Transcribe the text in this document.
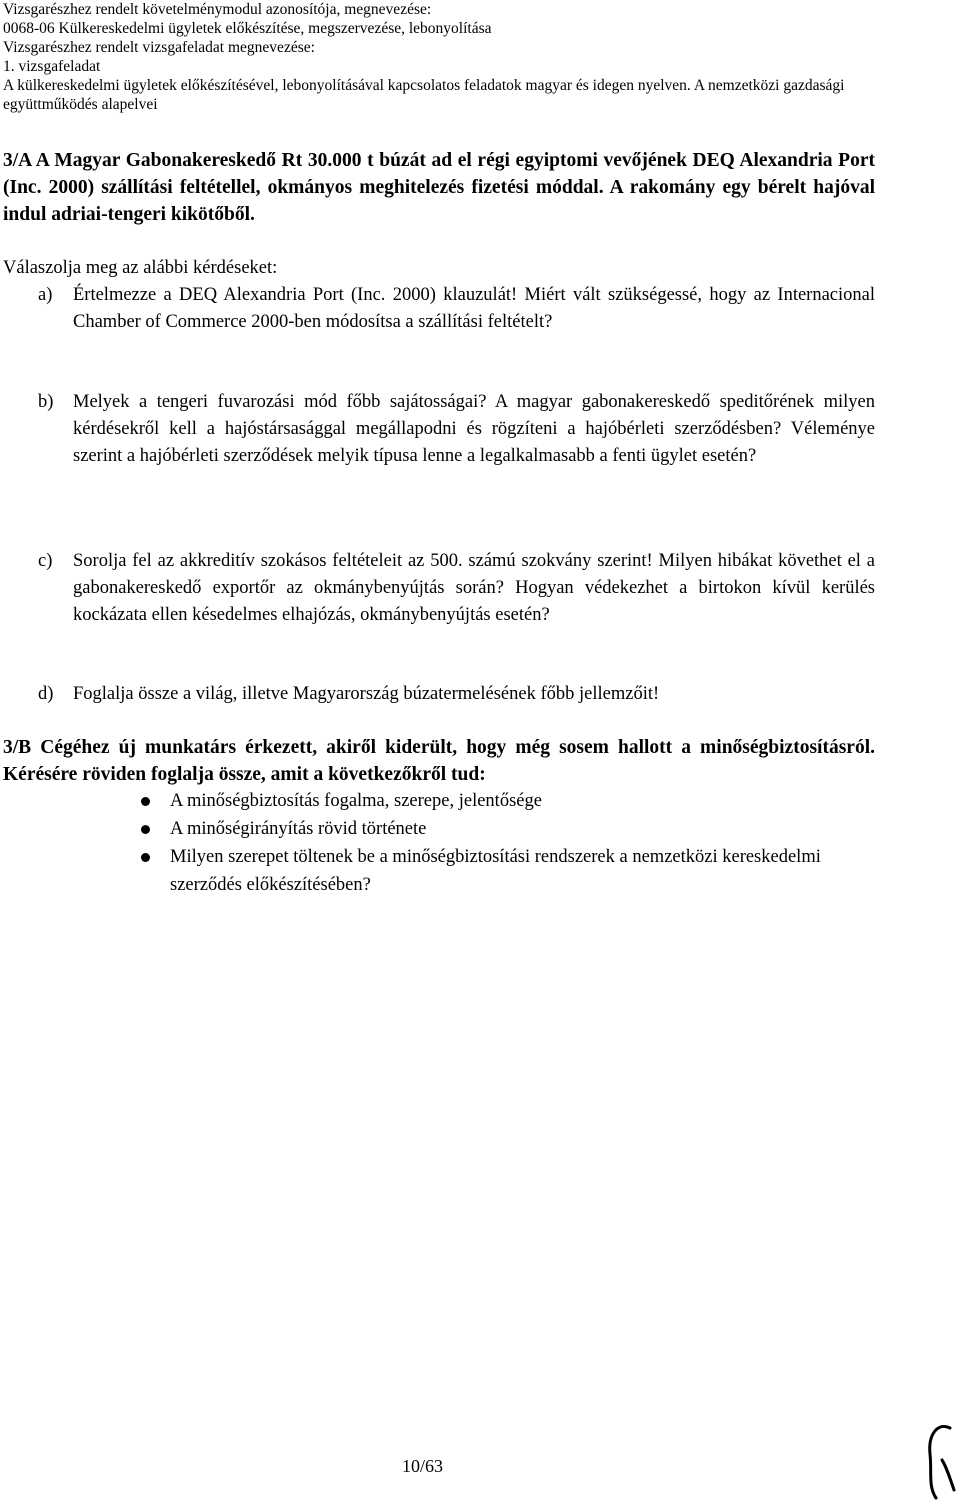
Vizsgarészhez rendelt követelménymodul azonosítója, megnevezése:
0068-06 Külkereskedelmi ügyletek előkészítése, megszervezése, lebonyolítása
Vizsgarészhez rendelt vizsgafeladat megnevezése:
1. vizsgafeladat
A külkereskedelmi ügyletek előkészítésével, lebonyolításával kapcsolatos feladatok magyar és idegen nyelven. A nemzetközi gazdasági
együttműködés alapelvei
3/A A Magyar Gabonakereskedő Rt 30.000 t búzát ad el régi egyiptomi vevőjének DEQ Alexandria Port (Inc. 2000) szállítási feltétellel, okmányos meghitelezés fizetési móddal. A rakomány egy bérelt hajóval indul adriai-tengeri kikötőből.
Válaszolja meg az alábbi kérdéseket:
a) Értelmezze a DEQ Alexandria Port (Inc. 2000) klauzulát! Miért vált szükségessé, hogy az Internacional Chamber of Commerce 2000-ben módosítsa a szállítási feltételt?
b) Melyek a tengeri fuvarozási mód főbb sajátosságai? A magyar gabonakereskedő speditőrének milyen kérdésekről kell a hajóstársasággal megállapodni és rögzíteni a hajóbérleti szerződésben? Véleménye szerint a hajóbérleti szerződések melyik típusa lenne a legalkalmasabb a fenti ügylet esetén?
c) Sorolja fel az akkreditív szokásos feltételeit az 500. számú szokvány szerint! Milyen hibákat követhet el a gabonakereskedő exportőr az okmánybenyújtás során? Hogyan védekezhet a birtokon kívül kerülés kockázata ellen késedelmes elhajózás, okmánybenyújtás esetén?
d) Foglalja össze a világ, illetve Magyarország búzatermelésének főbb jellemzőit!
3/B Cégéhez új munkatárs érkezett, akiről kiderült, hogy még sosem hallott a minőségbiztosításról. Kérésére röviden foglalja össze, amit a következőkről tud:
A minőségbiztosítás fogalma, szerepe, jelentősége
A minőségirányítás rövid története
Milyen szerepet töltenek be a minőségbiztosítási rendszerek a nemzetközi kereskedelmi szerződés előkészítésében?
10/63
